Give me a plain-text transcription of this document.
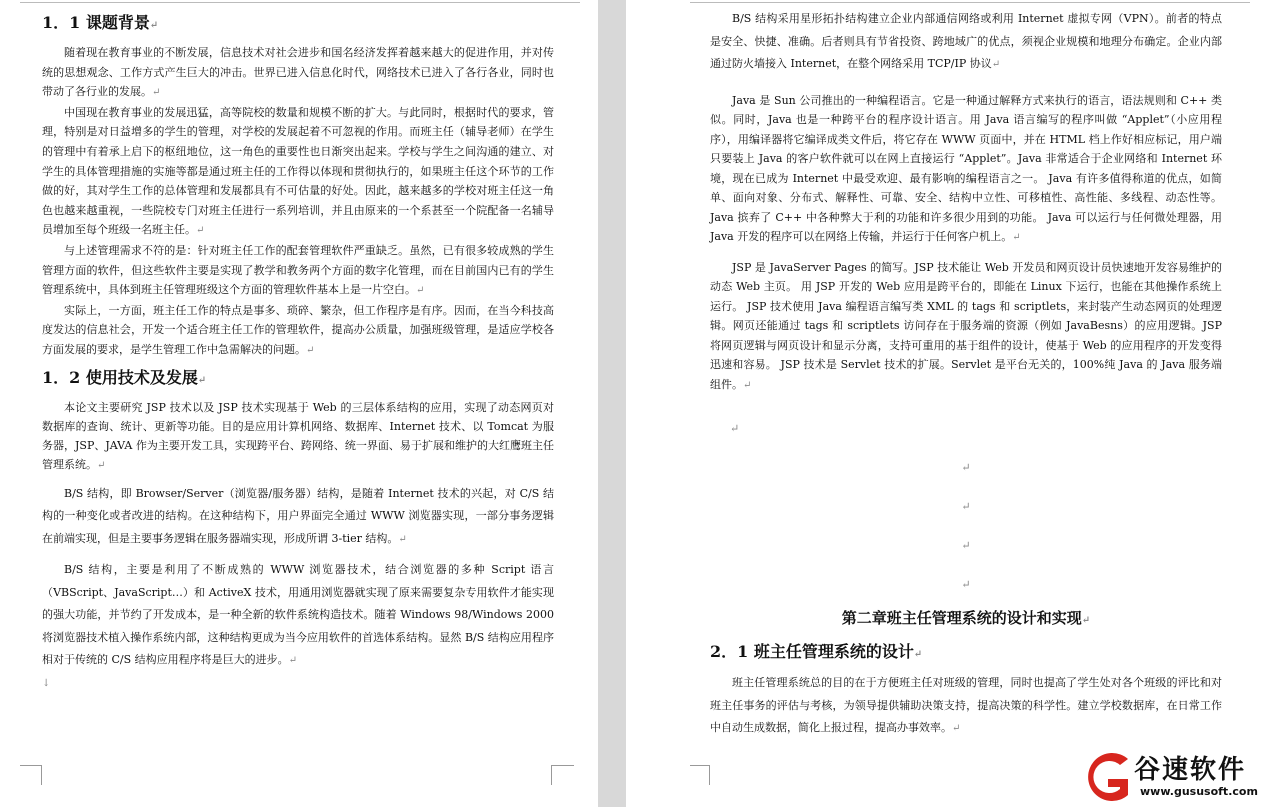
1．1 课题背景↵

随着现在教育事业的不断发展，信息技术对社会进步和国名经济发挥着越来越大的促进作用，并对传统的思想观念、工作方式产生巨大的冲击。世界已进入信息化时代，网络技术已进入了各行各业，同时也带动了各行业的发展。↵

中国现在教育事业的发展迅猛，高等院校的数量和规模不断的扩大。与此同时，根据时代的要求，管理，特别是对日益增多的学生的管理，对学校的发展起着不可忽视的作用。而班主任（辅导老师）在学生的管理中有着承上启下的枢纽地位，这一角色的重要性也日渐突出起来。学校与学生之间沟通的建立、对学生的具体管理措施的实施等都是通过班主任的工作得以体现和贯彻执行的，如果班主任这个环节的工作做的好，其对学生工作的总体管理和发展都具有不可估量的好处。因此，越来越多的学校对班主任这一角色也越来越重视，一些院校专门对班主任进行一系列培训，并且由原来的一个系甚至一个院配备一名辅导员增加至每个班级一名班主任。↵

与上述管理需求不符的是：针对班主任工作的配套管理软件严重缺乏。虽然，已有很多较成熟的学生管理方面的软件，但这些软件主要是实现了教学和教务两个方面的数字化管理，而在目前国内已有的学生管理系统中，具体到班主任管理班级这个方面的管理软件基本上是一片空白。↵

实际上，一方面，班主任工作的特点是事多、琐碎、繁杂，但工作程序是有序。因而，在当今科技高度发达的信息社会，开发一个适合班主任工作的管理软件，提高办公质量，加强班级管理，是适应学校各方面发展的要求，是学生管理工作中急需解决的问题。↵

1．2 使用技术及发展↵

本论文主要研究 JSP 技术以及 JSP 技术实现基于 Web 的三层体系结构的应用，实现了动态网页对数据库的查询、统计、更新等功能。目的是应用计算机网络、数据库、Internet 技术、以 Tomcat 为服务器，JSP、JAVA 作为主要开发工具，实现跨平台、跨网络、统一界面、易于扩展和维护的大红鹰班主任管理系统。↵

B/S 结构，即 Browser/Server（浏览器/服务器）结构，是随着 Internet 技术的兴起，对 C/S 结构的一种变化或者改进的结构。在这种结构下，用户界面完全通过 WWW 浏览器实现，一部分事务逻辑在前端实现，但是主要事务逻辑在服务器端实现，形成所谓 3-tier 结构。↵

B/S 结构，主要是利用了不断成熟的 WWW 浏览器技术，结合浏览器的多种 Script 语言（VBScript、JavaScript…）和 ActiveX 技术，用通用浏览器就实现了原来需要复杂专用软件才能实现的强大功能，并节约了开发成本，是一种全新的软件系统构造技术。随着 Windows 98/Windows 2000 将浏览器技术植入操作系统内部，这种结构更成为当今应用软件的首选体系结构。显然 B/S 结构应用程序相对于传统的 C/S 结构应用程序将是巨大的进步。↵

↓

B/S 结构采用星形拓扑结构建立企业内部通信网络或利用 Internet 虚拟专网（VPN）。前者的特点是安全、快捷、准确。后者则具有节省投资、跨地域广的优点，须视企业规模和地理分布确定。企业内部通过防火墙接入 Internet，在整个网络采用 TCP/IP 协议↵

Java 是 Sun 公司推出的一种编程语言。它是一种通过解释方式来执行的语言，语法规则和 C++ 类似。同时，Java 也是一种跨平台的程序设计语言。用 Java 语言编写的程序叫做 “Applet”（小应用程序），用编译器将它编译成类文件后，将它存在 WWW 页面中，并在 HTML 档上作好相应标记，用户端只要装上 Java 的客户软件就可以在网上直接运行 “Applet”。Java 非常适合于企业网络和 Internet 环境，现在已成为 Internet 中最受欢迎、最有影响的编程语言之一。 Java 有许多值得称道的优点，如简单、面向对象、分布式、解释性、可靠、安全、结构中立性、可移植性、高性能、多线程、动态性等。 Java 摈弃了 C++ 中各种弊大于利的功能和许多很少用到的功能。 Java 可以运行与任何微处理器，用 Java 开发的程序可以在网络上传输，并运行于任何客户机上。↵

JSP 是 JavaServer Pages 的简写。JSP 技术能让 Web 开发员和网页设计员快速地开发容易维护的动态 Web 主页。 用 JSP 开发的 Web 应用是跨平台的，即能在 Linux 下运行，也能在其他操作系统上运行。 JSP 技术使用 Java 编程语言编写类 XML 的 tags 和 scriptlets，来封装产生动态网页的处理逻辑。网页还能通过 tags 和 scriptlets 访问存在于服务端的资源（例如 JavaBesns）的应用逻辑。JSP 将网页逻辑与网页设计和显示分离，支持可重用的基于组件的设计，使基于 Web 的应用程序的开发变得迅速和容易。 JSP 技术是 Servlet 技术的扩展。Servlet 是平台无关的，100%纯 Java 的 Java 服务端组件。↵

↵
↵
↵
↵
↵
第二章班主任管理系统的设计和实现↵
2．1 班主任管理系统的设计↵

班主任管理系统总的目的在于方便班主任对班级的管理，同时也提高了学生处对各个班级的评比和对班主任事务的评估与考核，为领导提供辅助决策支持，提高决策的科学性。建立学校数据库，在日常工作中自动生成数据，简化上报过程，提高办事效率。↵

谷速软件
www.gususoft.com
